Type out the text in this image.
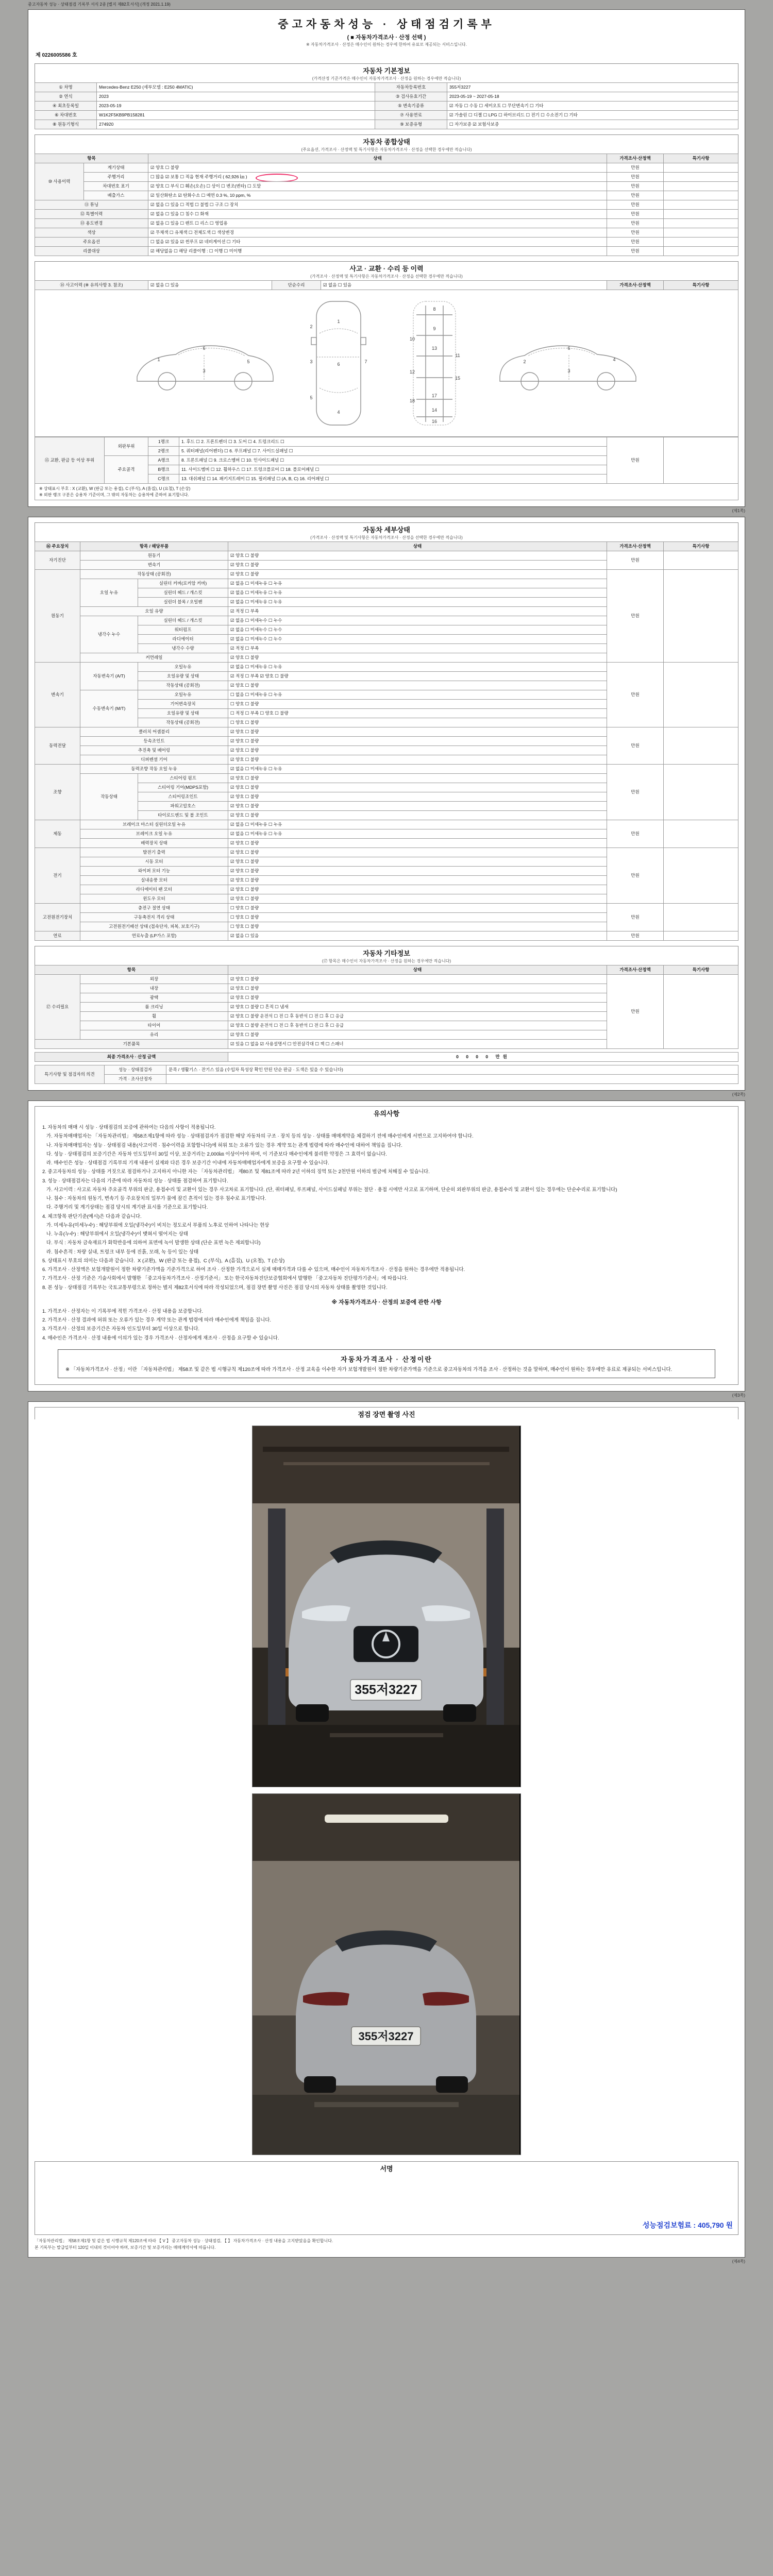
중고자동차 성능 · 상태점검 기록부 서식 2종 [별지 제82호서식] (개정 2021.1.19)
중고자동차성능 · 상태점검기록부
( ■ 자동차가격조사 · 산정 선택 )
※ 자동차가격조사 · 산정은 매수인이 원하는 경우에 한하여 유료로 제공되는 서비스입니다.
제 0226005586 호
자동차 기본정보
(가격산정 기준가격은 매수인이 자동차가격조사 · 산정을 원하는 경우에만 적습니다)
① 차명	Mercedes-Benz E250 (세부모델 : E250 4MATIC)	자동차등록번호	355저3227
② 연식	2023	③ 검사유효기간	2023-05-19 ~ 2027-05-18
④ 최초등록일	2023-05-19	⑤ 변속기종류	☑ 자동 ☐ 수동 ☐ 세미오토 ☐ 무단변속기 ☐ 기타
⑥ 차대번호	W1K2F5KB9PB158281	⑦ 사용연료	☑ 가솔린 ☐ 디젤 ☐ LPG ☐ 하이브리드 ☐ 전기 ☐ 수소전기 ☐ 기타
⑧ 원동기형식	274920	⑨ 보증유형	☐ 자가보증 ☑ 보험사보증
자동차 종합상태
(주요옵션, 가격조사 · 산정액 및 특기사항은 자동차가격조사 · 산정을 선택한 경우에만 적습니다)
항목		상태	가격조사·산정액	특기사항
⑩ 사용이력	계기상태	☑ 양호 ☐ 불량	만원	
	주행거리	☐ 많음 ☑ 보통 ☐ 적음 현재 주행거리 ( 62,926 ㎞ )	만원	
	차대번호 표기	☑ 양호 ☐ 부식 ☐ 훼손(오손) ☐ 상이 ☐ 변조(변타) ☐ 도말	만원	
	배출가스	☑ 일산화탄소 ☑ 탄화수소 ☐ 매연 0.3 %, 10 ppm, %	만원	
⑪ 튜닝		☑ 없음 ☐ 있음 ☐ 적법 ☐ 불법 ☐ 구조 ☐ 장치	만원	
⑫ 특별이력		☑ 없음 ☐ 있음 ☐ 침수 ☐ 화재	만원	
⑬ 용도변경		☑ 없음 ☐ 있음 ☐ 렌트 ☐ 리스 ☐ 영업용	만원	
색상		☑ 무채색 ☐ 유채색 ☐ 전체도색 ☐ 색상변경	만원	
주요옵션		☐ 없음 ☑ 있음 ☑ 썬루프 ☑ 네비게이션 ☐ 기타	만원	
리콜대상		☑ 해당없음 ☐ 해당 리콜이행 : ☐ 이행 ☐ 미이행	만원	
사고 · 교환 · 수리 등 이력
(가격조사 · 산정액 및 특기사항은 자동차가격조사 · 산정을 선택한 경우에만 적습니다)
⑭ 사고이력 (※ 유의사항 3. 참조)	☑ 없음 ☐ 있음	단순수리	☑ 없음 ☐ 있음	가격조사·산정액	특기사항
6
1
3
5
1
2
3	6
5
4
7
8
9
10
13
11
12
15
17
18
14
16
6
4
3
2
⑮ 교환, 판금 등 이상 부위	외판부위	1랭크	1. 후드 ☐ 2. 프론트펜더 ☐ 3. 도어 ☐ 4. 트렁크리드 ☐	만원	
		2랭크	5. 쿼터패널(리어펜더) ☐ 6. 루프패널 ☐ 7. 사이드실패널 ☐		
	주요골격	A랭크	8. 프론트패널 ☐ 9. 크로스멤버 ☐ 10. 인사이드패널 ☐		
		B랭크	11. 사이드멤버 ☐ 12. 휠하우스 ☐ 17. 트렁크플로어 ☐ 18. 플로어패널 ☐		
		C랭크	13. 대쉬패널 ☐ 14. 패키지트레이 ☐ 15. 필러패널 ☐ (A, B, C) 16. 리어패널 ☐		
※ 상태표시 부호 : X (교환), W (판금 또는 용접), C (부식), A (흠집), U (요철), T (손상)
※ 외판 랭크 구분은 승용차 기준이며, 그 밖의 자동차는 승용차에 준하여 표기합니다.
(제1쪽)
자동차 세부상태
(가격조사 · 산정액 및 특기사항은 자동차가격조사 · 산정을 선택한 경우에만 적습니다)
⑯ 주요장치	항목 / 해당부품		상태	가격조사·산정액	특기사항
자기진단	원동기		☑ 양호 ☐ 불량	만원	
	변속기		☑ 양호 ☐ 불량		
원동기	작동상태 (공회전)		☑ 양호 ☐ 불량	만원	
	오일 누유	실린더 커버(로커암 커버)	☑ 없음 ☐ 미세누유 ☐ 누유		
		실린더 헤드 / 개스킷	☑ 없음 ☐ 미세누유 ☐ 누유		
		실린더 블록 / 오일팬	☑ 없음 ☐ 미세누유 ☐ 누유		
	오일 유량		☑ 적정 ☐ 부족		
	냉각수 누수	실린더 헤드 / 개스킷	☑ 없음 ☐ 미세누수 ☐ 누수		
		워터펌프	☑ 없음 ☐ 미세누수 ☐ 누수		
		라디에이터	☑ 없음 ☐ 미세누수 ☐ 누수		
		냉각수 수량	☑ 적정 ☐ 부족		
	커먼레일		☑ 양호 ☐ 불량		
변속기	자동변속기 (A/T)	오일누유	☑ 없음 ☐ 미세누유 ☐ 누유	만원	
		오일유량 및 상태	☑ 적정 ☐ 부족 ☑ 양호 ☐ 불량		
		작동상태 (공회전)	☑ 양호 ☐ 불량		
	수동변속기 (M/T)	오일누유	☐ 없음 ☐ 미세누유 ☐ 누유		
		기어변속장치	☐ 양호 ☐ 불량		
		오일유량 및 상태	☐ 적정 ☐ 부족 ☐ 양호 ☐ 불량		
		작동상태 (공회전)	☐ 양호 ☐ 불량		
동력전달	클러치 어셈블리		☑ 양호 ☐ 불량	만원	
	등속조인트		☑ 양호 ☐ 불량		
	추진축 및 베어링		☑ 양호 ☐ 불량		
	디퍼렌셜 기어		☑ 양호 ☐ 불량		
조향	동력조향 작동 오일 누유		☑ 없음 ☐ 미세누유 ☐ 누유	만원	
	작동상태	스티어링 펌프	☑ 양호 ☐ 불량		
		스티어링 기어(MDPS포함)	☑ 양호 ☐ 불량		
		스티어링조인트	☑ 양호 ☐ 불량		
		파워고압호스	☑ 양호 ☐ 불량		
		타이로드엔드 및 볼 조인트	☑ 양호 ☐ 불량		
제동	브레이크 마스터 실린더오일 누유		☑ 없음 ☐ 미세누유 ☐ 누유	만원	
	브레이크 오일 누유		☑ 없음 ☐ 미세누유 ☐ 누유		
	배력장치 상태		☑ 양호 ☐ 불량		
전기	발전기 출력		☑ 양호 ☐ 불량	만원	
	시동 모터		☑ 양호 ☐ 불량		
	와이퍼 모터 기능		☑ 양호 ☐ 불량		
	실내송풍 모터		☑ 양호 ☐ 불량		
	라디에이터 팬 모터		☑ 양호 ☐ 불량		
	윈도우 모터		☑ 양호 ☐ 불량		
고전원전기장치	충전구 절연 상태		☐ 양호 ☐ 불량	만원	
	구동축전지 격리 상태		☐ 양호 ☐ 불량		
	고전원전기배선 상태 (접속단자, 피복, 보호기구)		☐ 양호 ☐ 불량		
연료	연료누출 (LP가스 포함)		☑ 없음 ☐ 있음	만원	
자동차 기타정보
(⑰ 항목은 매수인이 자동차가격조사 · 산정을 원하는 경우에만 적습니다)
항목		상태	가격조사·산정액	특기사항
⑰ 수리필요	외장	☑ 양호 ☐ 불량	만원	
	내장	☑ 양호 ☐ 불량		
	광택	☑ 양호 ☐ 불량		
	룸 크리닝	☑ 양호 ☐ 불량 ☐ 흔적 ☐ 냄새		
	휠	☑ 양호 ☐ 불량 운전석 ☐ 전 ☐ 후 동반석 ☐ 전 ☐ 후 ☐ 응급		
	타이어	☑ 양호 ☐ 불량 운전석 ☐ 전 ☐ 후 동반석 ☐ 전 ☐ 후 ☐ 응급		
	유리	☑ 양호 ☐ 불량		
기본품목		☑ 있음 ☐ 없음 ☑ 사용설명서 ☐ 안전삼각대 ☐ 잭 ☐ 스패너		
최종 가격조사 · 산정 금액	0 0 0 0 만원
특기사항 및 점검자의 의견	성능 · 상태점검자	문콕 / 생활기스 · 잔기스 있음 (수입차 특성상 확인 안된 단순 판금 · 도색은 있을 수 있습니다)
	가격 · 조사산정자	
(제2쪽)
유의사항

1. 자동차의 매매 시 성능 · 상태점검의 보증에 관하여는 다음의 사항이 적용됩니다.

가. 자동차매매업자는 「자동차관리법」 제58조제1항에 따라 성능 · 상태점검자가 점검한 해당 자동차의 구조 · 장치 등의 성능 · 상태를 매매계약을 체결하기 전에 매수인에게 서면으로 고지하여야 합니다.

나. 자동차매매업자는 성능 · 상태점검 내용(사고이력 · 침수이력을 포함합니다)에 허위 또는 오류가 있는 경우 계약 또는 관계 법령에 따라 매수인에 대하여 책임을 집니다.

다. 성능 · 상태점검의 보증기간은 자동차 인도일부터 30일 이상, 보증거리는 2,000㎞ 이상이어야 하며, 이 기준보다 매수인에게 불리한 약정은 그 효력이 없습니다.

라. 매수인은 성능 · 상태점검 기록부의 기재 내용이 실제와 다른 경우 보증기간 이내에 자동차매매업자에게 보증을 요구할 수 있습니다.

2. 중고자동차의 성능 · 상태를 거짓으로 점검하거나 고지하지 아니한 자는 「자동차관리법」 제80조 및 제81조에 따라 2년 이하의 징역 또는 2천만원 이하의 벌금에 처해질 수 있습니다.

3. 성능 · 상태점검자는 다음의 기준에 따라 자동차의 성능 · 상태를 점검하여 표기합니다.

가. 사고이력 : 사고로 자동차 주요골격 부위의 판금, 용접수리 및 교환이 있는 경우 사고차로 표기합니다. (단, 쿼터패널, 루프패널, 사이드실패널 부위는 절단 · 용접 시에만 사고로 표기하며, 단순히 외판부위의 판금, 용접수리 및 교환이 있는 경우에는 단순수리로 표기합니다)

나. 침수 : 자동차의 원동기, 변속기 등 주요장치의 일부가 물에 잠긴 흔적이 있는 경우 침수로 표기합니다.

다. 주행거리 및 계기상태는 점검 당시의 계기판 표시를 기준으로 표기합니다.

4. 체크항목 판단기준(예시)은 다음과 같습니다.

가. 미세누유(미세누수) : 해당부위에 오일(냉각수)이 비치는 정도로서 부품의 노후로 인하여 나타나는 현상

나. 누유(누수) : 해당부위에서 오일(냉각수)이 맺혀서 떨어지는 상태

다. 부식 : 자동차 금속재료가 화학반응에 의하여 표면에 녹이 발생한 상태 (단순 표면 녹은 제외합니다)

라. 침수흔적 : 차량 실내, 트렁크 내부 등에 진흙, 모래, 녹 등이 있는 상태

5. 상태표시 부호의 의미는 다음과 같습니다.  X (교환),  W (판금 또는 용접),  C (부식),  A (흠집),  U (요철),  T (손상)

6. 가격조사 · 산정액은 보험개발원이 정한 차량기준가액을 기준가격으로 하여 조사 · 산정한 가격으로서 실제 매매가격과 다를 수 있으며, 매수인이 자동차가격조사 · 산정을 원하는 경우에만 적용됩니다.

7. 가격조사 · 산정 기준은 기술사회에서 발행한 「중고자동차가격조사 · 산정기준서」 또는 한국자동차진단보증협회에서 발행한 「중고자동차 진단평가기준서」에 따릅니다.

8. 본 성능 · 상태점검 기록부는 국토교통부령으로 정하는 별지 제82호서식에 따라 작성되었으며, 점검 장면 촬영 사진은 점검 당시의 자동차 상태를 촬영한 것입니다.

※ 자동차가격조사 · 산정의 보증에 관한 사항

1. 가격조사 · 산정자는 이 기록부에 적힌 가격조사 · 산정 내용을 보증합니다.

2. 가격조사 · 산정 결과에 허위 또는 오류가 있는 경우 계약 또는 관계 법령에 따라 매수인에게 책임을 집니다.

3. 가격조사 · 산정의 보증기간은 자동차 인도일부터 30일 이상으로 합니다.

4. 매수인은 가격조사 · 산정 내용에 이의가 있는 경우 가격조사 · 산정자에게 재조사 · 산정을 요구할 수 있습니다.

자동차가격조사 · 산정이란
※ 「자동차가격조사 · 산정」이란 「자동차관리법」 제58조 및 같은 법 시행규칙 제120조에 따라 가격조사 · 산정 교육을 이수한 자가 보험개발원이 정한 차량기준가액을 기준으로 중고자동차의 가격을 조사 · 산정하는 것을 말하며, 매수인이 원하는 경우에만 유료로 제공되는 서비스입니다.
(제3쪽)
점검 장면 촬영 사진
355저3227
355저3227
서명
성능점검보험료 : 405,790 원
「자동차관리법」 제58조제1항 및 같은 법 시행규칙 제120조에 따라 【 V 】 중고자동차 성능 · 상태점검, 【 】 자동차가격조사 · 산정 내용을 고지받았음을 확인합니다.
본 기록부는 발급일부터 120일 이내의 것이어야 하며, 보증기간 및 보증거리는 매매계약서에 따릅니다.
(제4쪽)
